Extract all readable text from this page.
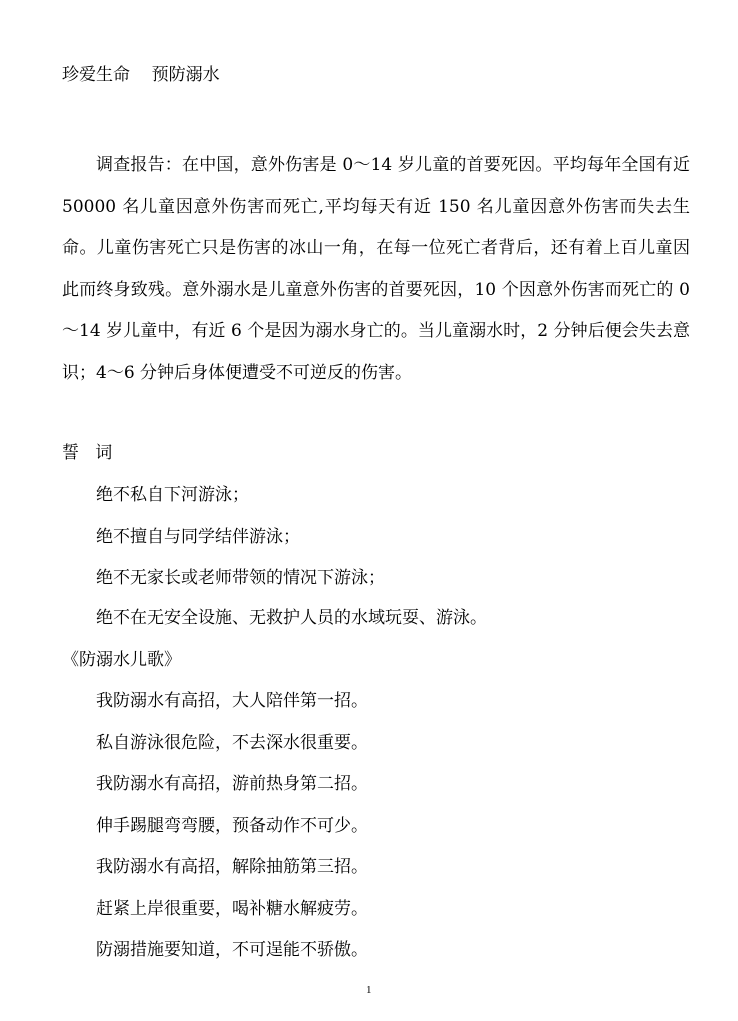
珍爱生命    预防溺水

调查报告：在中国，意外伤害是 0～14 岁儿童的首要死因。平均每年全国有近 50000 名儿童因意外伤害而死亡,平均每天有近 150 名儿童因意外伤害而失去生命。儿童伤害死亡只是伤害的冰山一角，在每一位死亡者背后，还有着上百儿童因此而终身致残。意外溺水是儿童意外伤害的首要死因，10 个因意外伤害而死亡的 0～14 岁儿童中，有近 6 个是因为溺水身亡的。当儿童溺水时，2 分钟后便会失去意识；4～6 分钟后身体便遭受不可逆反的伤害。

誓   词
绝不私自下河游泳；
绝不擅自与同学结伴游泳；
绝不无家长或老师带领的情况下游泳；
绝不在无安全设施、无救护人员的水域玩耍、游泳。
《防溺水儿歌》
我防溺水有高招，大人陪伴第一招。
私自游泳很危险，不去深水很重要。
我防溺水有高招，游前热身第二招。
伸手踢腿弯弯腰，预备动作不可少。
我防溺水有高招，解除抽筋第三招。
赶紧上岸很重要，喝补糖水解疲劳。
防溺措施要知道，不可逞能不骄傲。
1
